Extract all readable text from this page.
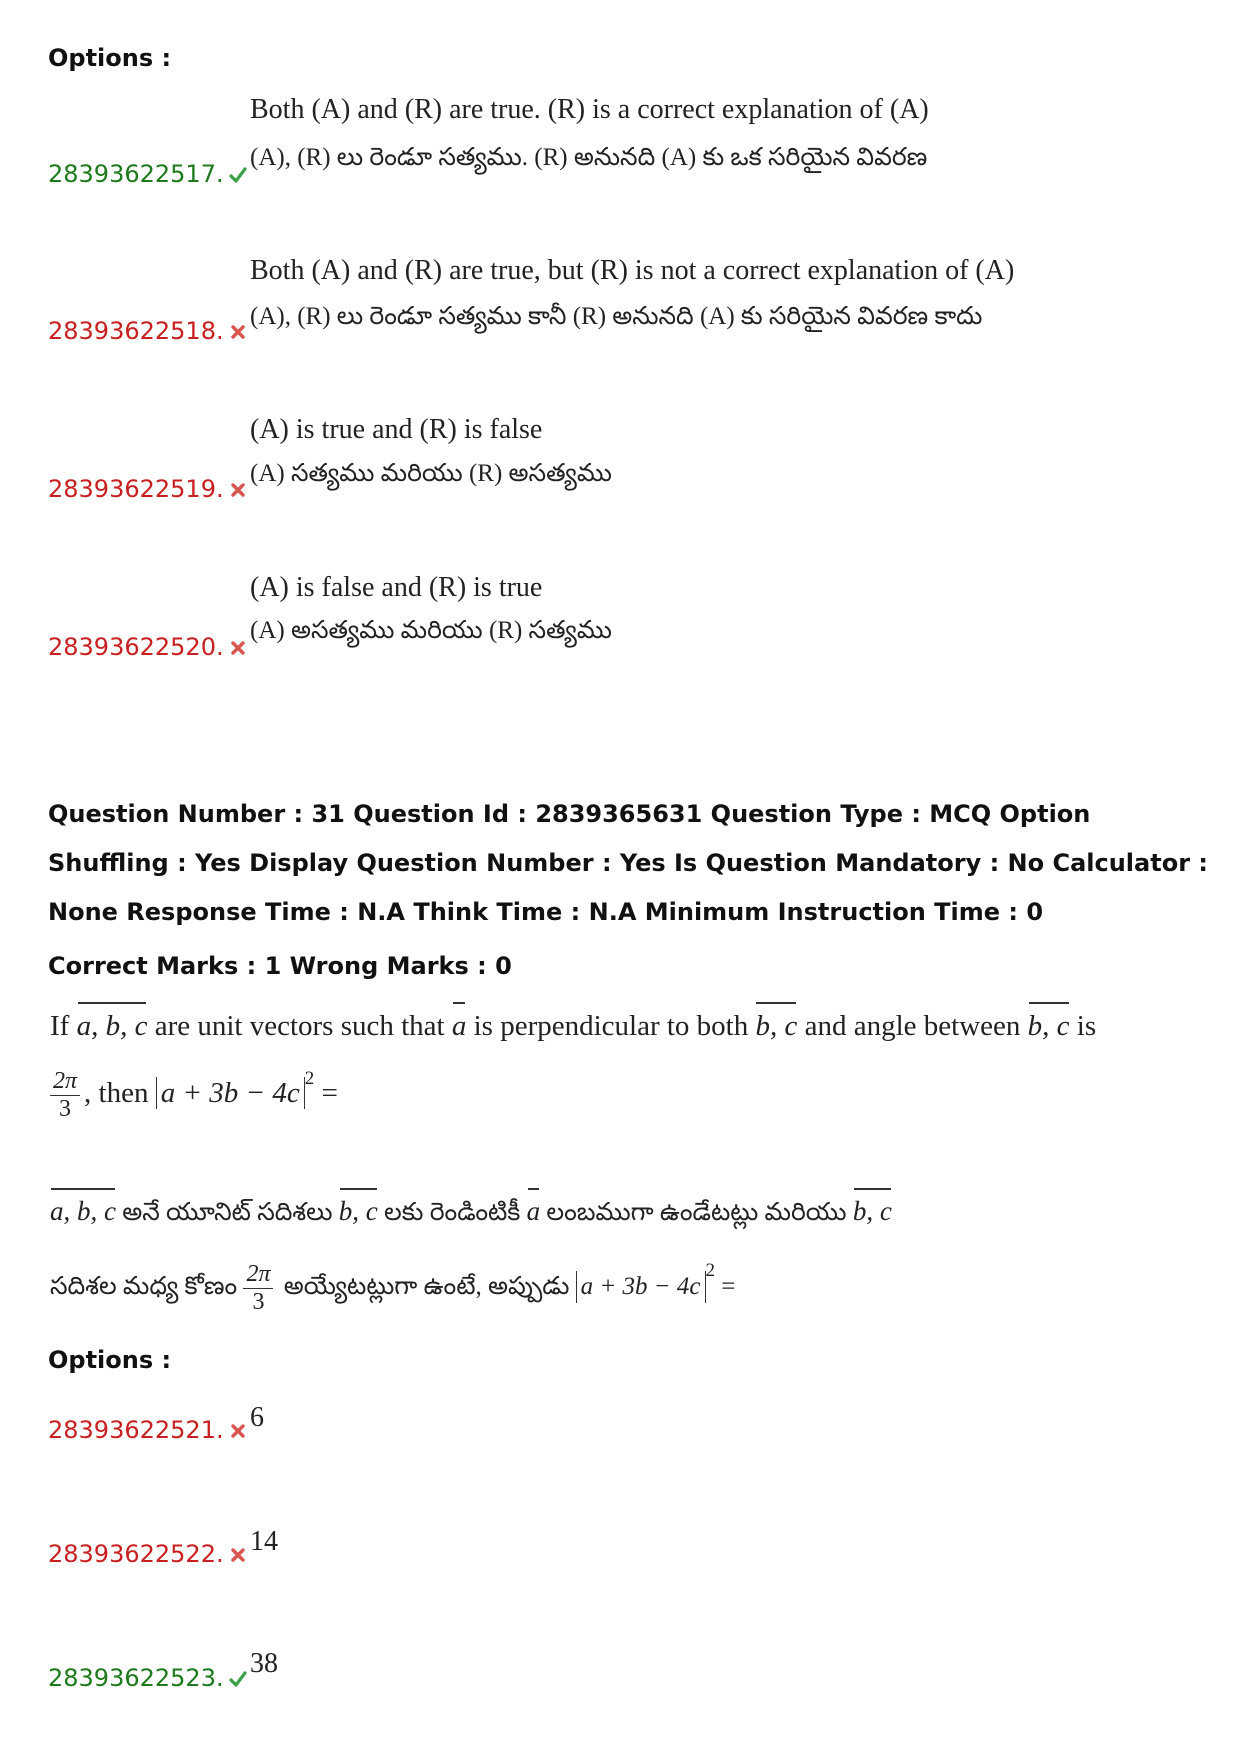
Options :
Both (A) and (R) are true. (R) is a correct explanation of (A)
(A), (R) లు రెండూ సత్యము. (R) అనునది (A) కు ఒక సరియైన వివరణ
28393622517.
Both (A) and (R) are true, but (R) is not a correct explanation of (A)
(A), (R) లు రెండూ సత్యము కానీ (R) అనునది (A) కు సరియైన వివరణ కాదు
28393622518.
(A) is true and (R) is false
(A) సత్యము మరియు (R) అసత్యము
28393622519.
(A) is false and (R) is true
(A) అసత్యము మరియు (R) సత్యము
28393622520.
Question Number : 31 Question Id : 2839365631 Question Type : MCQ Option Shuffling : Yes Display Question Number : Yes Is Question Mandatory : No Calculator : None Response Time : N.A Think Time : N.A Minimum Instruction Time : 0
Correct Marks : 1 Wrong Marks : 0
If a, b, c are unit vectors such that a is perpendicular to both b, c and angle between b, c is
$\frac{2\pi}{3}$ , then a + 3b − 4c $^2$ =
a, b, c అనే యూనిట్ సదిశలు b, c లకు రెండింటికీ a లంబముగా ఉండేటట్లు మరియు b, c
సదిశల మధ్య కోణం $\frac{2\pi}{3}$ అయ్యేటట్లుగా ఉంటే, అప్పుడు $a + 3b - 4c^2$ =
Options :
28393622521. 6
28393622522. 14
28393622523. 38
